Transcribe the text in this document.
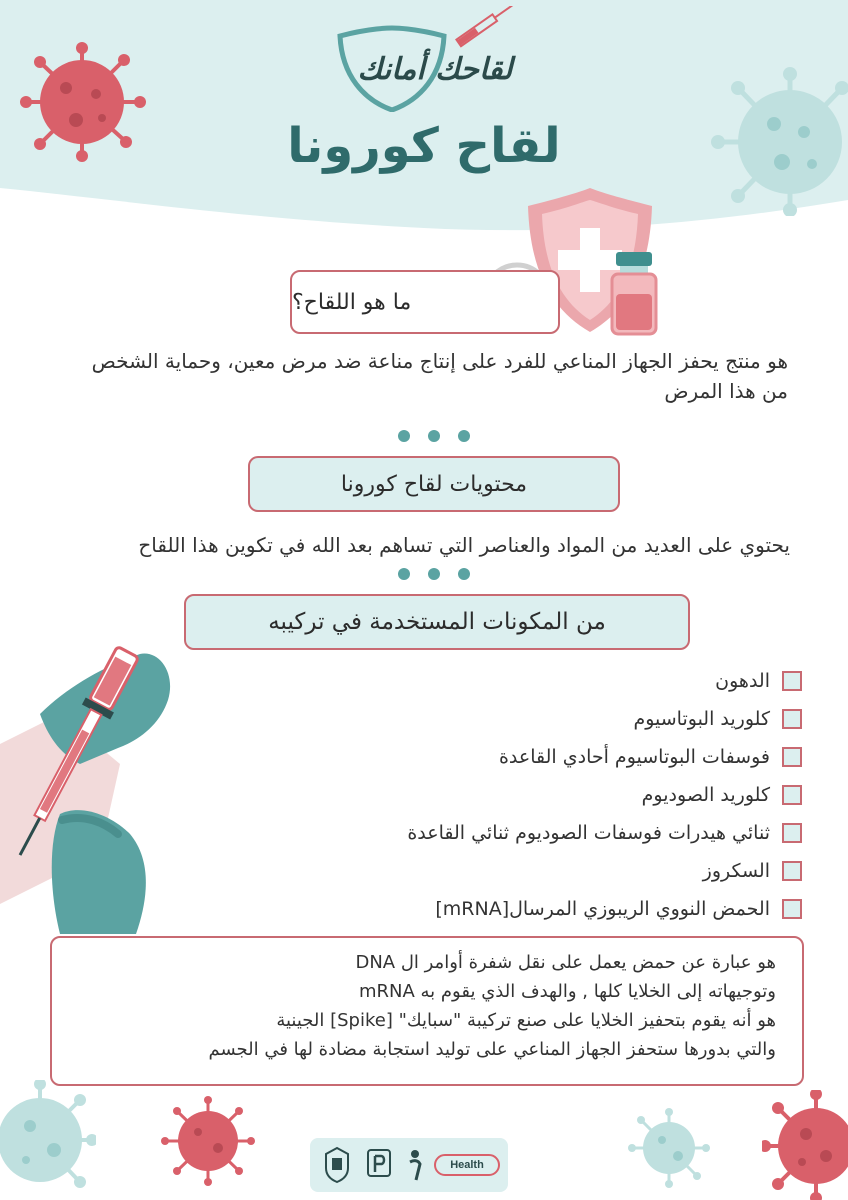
لقاحك أمانك
لقاح كورونا
ما هو اللقاح؟

هو منتج يحفز الجهاز المناعي للفرد على إنتاج مناعة ضد مرض معين، وحماية الشخص من هذا المرض

محتويات لقاح كورونا

يحتوي على العديد من المواد والعناصر التي تساهم بعد الله في تكوين هذا اللقاح

من المكونات المستخدمة في تركيبه
الدهون
كلوريد البوتاسيوم
فوسفات البوتاسيوم أحادي القاعدة
كلوريد الصوديوم
ثنائي هيدرات فوسفات الصوديوم ثنائي القاعدة
السكروز
الحمض النووي الريبوزي المرسال[mRNA]

هو عبارة عن حمض يعمل على نقل شفرة أوامر ال DNA

وتوجيهاته إلى الخلايا كلها , والهدف الذي يقوم به mRNA

هو أنه يقوم بتحفيز الخلايا على صنع تركيبة "سبايك" [Spike] الجينية

والتي بدورها ستحفز الجهاز المناعي على توليد استجابة مضادة لها في الجسم

Health
